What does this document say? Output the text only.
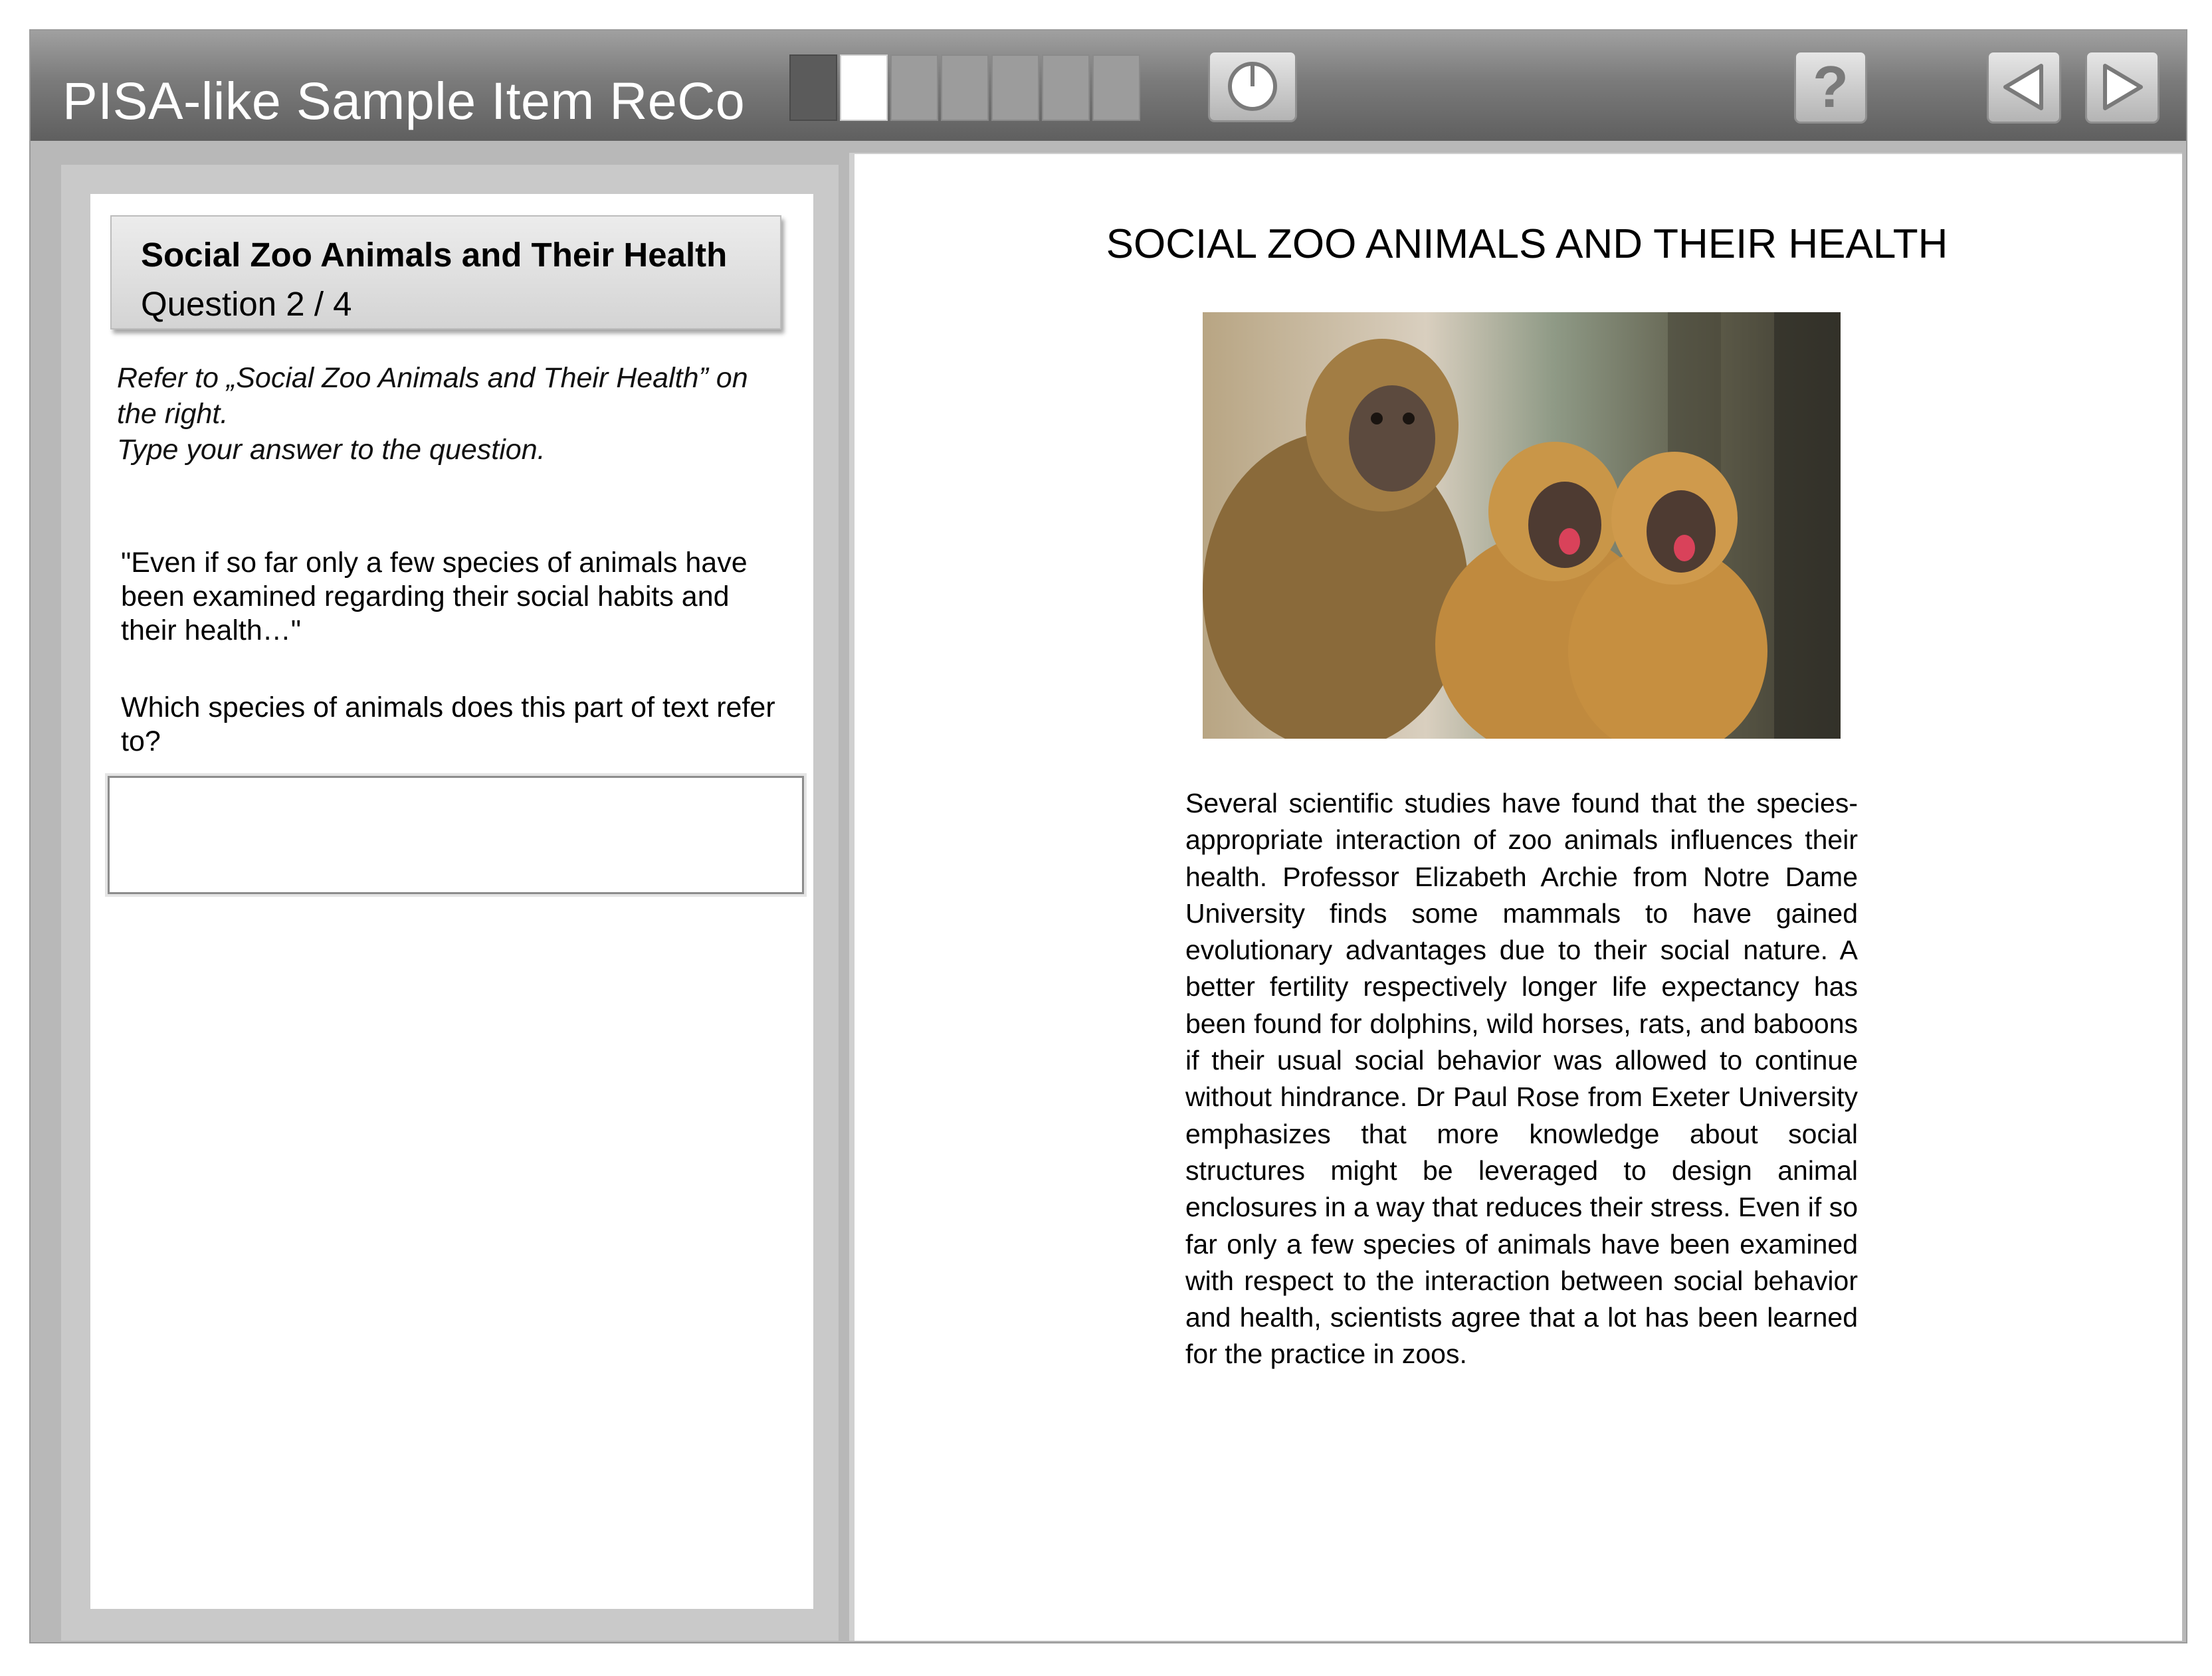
PISA-like Sample Item ReCo	?
Social Zoo Animals and Their Health
Question 2 / 4
Refer to „Social Zoo Animals and Their Health” on the right.
Type your answer to the question.
"Even if so far only a few species of animals have been examined regarding their social habits and their health…"
Which species of animals does this part of text refer to?
SOCIAL ZOO ANIMALS AND THEIR HEALTH
Several scientific studies have found that the species-appropriate interaction of zoo animals influences their health. Professor Elizabeth Archie from Notre Dame University finds some mammals to have gained evolutionary advantages due to their social nature. A better fertility respectively longer life expectancy has been found for dolphins, wild horses, rats, and baboons if their usual social behavior was allowed to continue without hindrance. Dr Paul Rose from Exeter University emphasizes that more knowledge about social structures might be leveraged to design animal enclosures in a way that reduces their stress. Even if so far only a few species of animals have been examined with respect to the interaction between social behavior and health, scientists agree that a lot has been learned for the practice in zoos.
